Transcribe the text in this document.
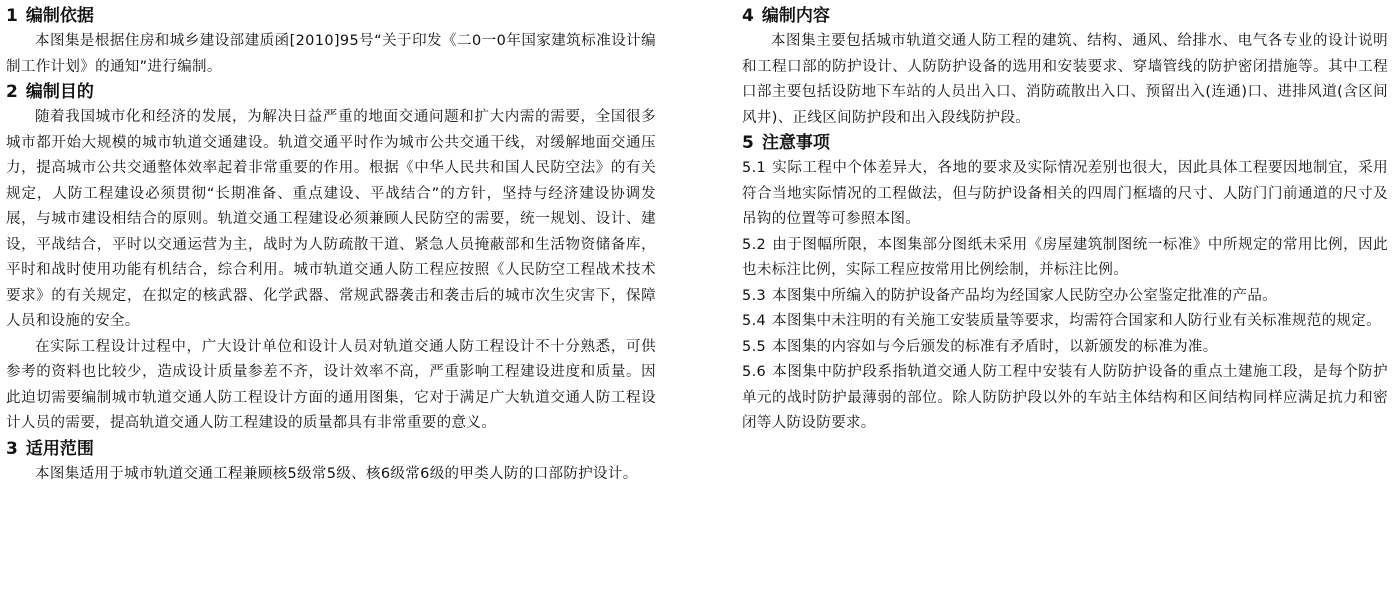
1 编制依据

本图集是根据住房和城乡建设部建质函[2010]95号“关于印发《二0一0年国家建筑标准设计编制工作计划》的通知”进行编制。

2 编制目的

随着我国城市化和经济的发展，为解决日益严重的地面交通问题和扩大内需的需要，全国很多城市都开始大规模的城市轨道交通建设。轨道交通平时作为城市公共交通干线，对缓解地面交通压力，提高城市公共交通整体效率起着非常重要的作用。根据《中华人民共和国人民防空法》的有关规定，人防工程建设必须贯彻“长期准备、重点建设、平战结合”的方针，坚持与经济建设协调发展，与城市建设相结合的原则。轨道交通工程建设必须兼顾人民防空的需要，统一规划、设计、建设，平战结合，平时以交通运营为主，战时为人防疏散干道、紧急人员掩蔽部和生活物资储备库，平时和战时使用功能有机结合，综合利用。城市轨道交通人防工程应按照《人民防空工程战术技术要求》的有关规定，在拟定的核武器、化学武器、常规武器袭击和袭击后的城市次生灾害下，保障人员和设施的安全。

在实际工程设计过程中，广大设计单位和设计人员对轨道交通人防工程设计不十分熟悉，可供参考的资料也比较少，造成设计质量参差不齐，设计效率不高，严重影响工程建设进度和质量。因此迫切需要编制城市轨道交通人防工程设计方面的通用图集，它对于满足广大轨道交通人防工程设计人员的需要，提高轨道交通人防工程建设的质量都具有非常重要的意义。

3 适用范围

本图集适用于城市轨道交通工程兼顾核5级常5级、核6级常6级的甲类人防的口部防护设计。

4 编制内容

本图集主要包括城市轨道交通人防工程的建筑、结构、通风、给排水、电气各专业的设计说明和工程口部的防护设计、人防防护设备的选用和安装要求、穿墙管线的防护密闭措施等。其中工程口部主要包括设防地下车站的人员出入口、消防疏散出入口、预留出入(连通)口、进排风道(含区间风井)、正线区间防护段和出入段线防护段。

5 注意事项

5.1 实际工程中个体差异大，各地的要求及实际情况差别也很大，因此具体工程要因地制宜，采用符合当地实际情况的工程做法，但与防护设备相关的四周门框墙的尺寸、人防门门前通道的尺寸及吊钩的位置等可参照本图。

5.2 由于图幅所限，本图集部分图纸未采用《房屋建筑制图统一标准》中所规定的常用比例，因此也未标注比例，实际工程应按常用比例绘制，并标注比例。

5.3 本图集中所编入的防护设备产品均为经国家人民防空办公室鉴定批准的产品。

5.4 本图集中未注明的有关施工安装质量等要求，均需符合国家和人防行业有关标准规范的规定。

5.5 本图集的内容如与今后颁发的标准有矛盾时，以新颁发的标准为准。

5.6 本图集中防护段系指轨道交通人防工程中安装有人防防护设备的重点土建施工段，是每个防护单元的战时防护最薄弱的部位。除人防防护段以外的车站主体结构和区间结构同样应满足抗力和密闭等人防设防要求。
